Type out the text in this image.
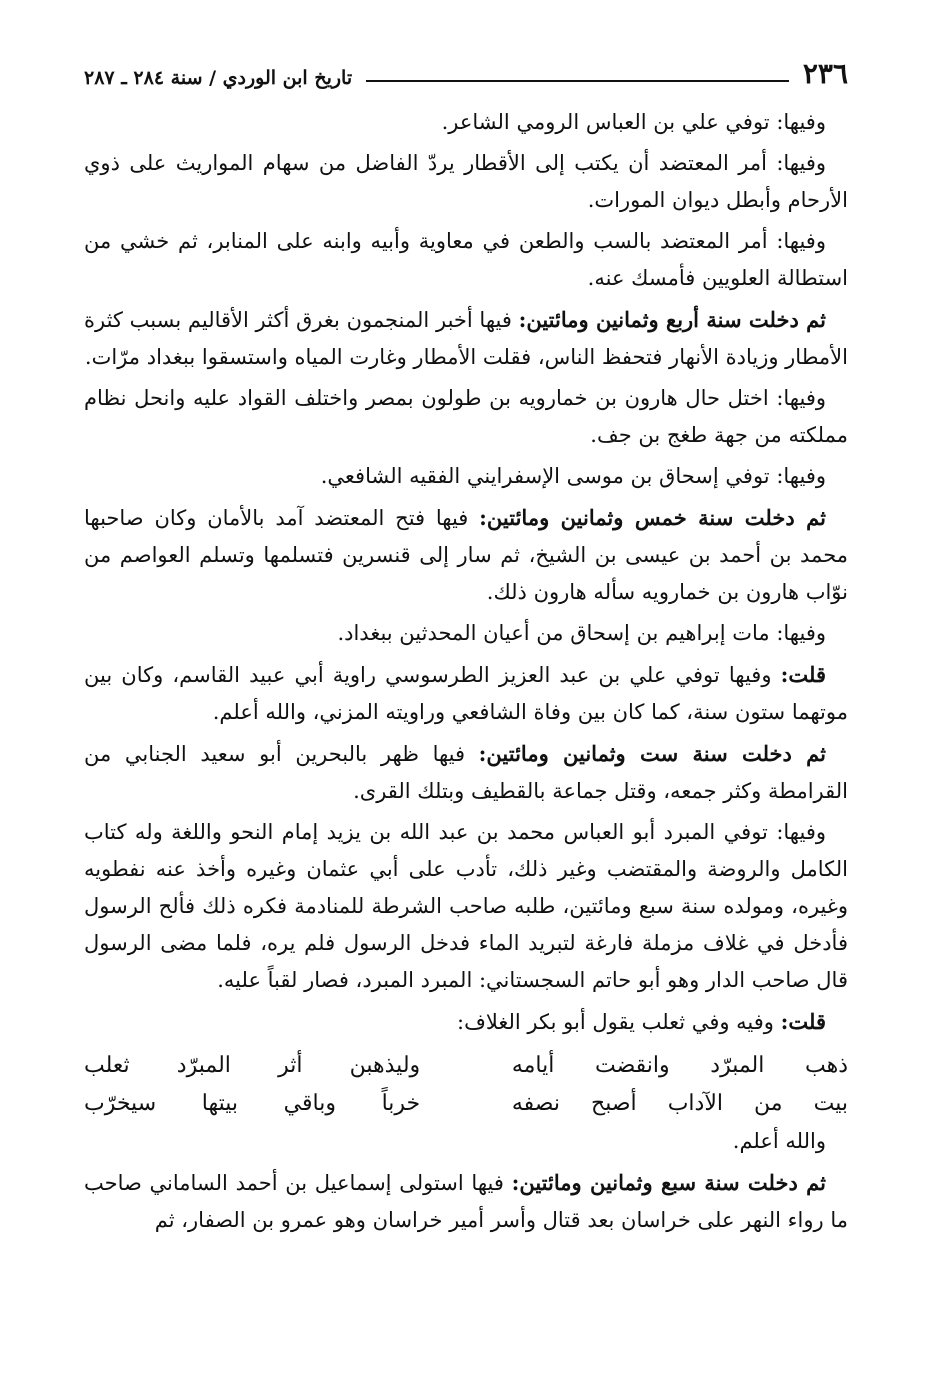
٢٣٦
تاريخ ابن الوردي / سنة ٢٨٤ ـ ٢٨٧

وفيها: توفي علي بن العباس الرومي الشاعر.

وفيها: أمر المعتضد أن يكتب إلى الأقطار يردّ الفاضل من سهام المواريث على ذوي الأرحام وأبطل ديوان المورات.

وفيها: أمر المعتضد بالسب والطعن في معاوية وأبيه وابنه على المنابر، ثم خشي من استطالة العلويين فأمسك عنه.

ثم دخلت سنة أربع وثمانين ومائتين: فيها أخبر المنجمون بغرق أكثر الأقاليم بسبب كثرة الأمطار وزيادة الأنهار فتحفظ الناس، فقلت الأمطار وغارت المياه واستسقوا ببغداد مرّات.

وفيها: اختل حال هارون بن خمارويه بن طولون بمصر واختلف القواد عليه وانحل نظام مملكته من جهة طغج بن جف.

وفيها: توفي إسحاق بن موسى الإسفرايني الفقيه الشافعي.

ثم دخلت سنة خمس وثمانين ومائتين: فيها فتح المعتضد آمد بالأمان وكان صاحبها محمد بن أحمد بن عيسى بن الشيخ، ثم سار إلى قنسرين فتسلمها وتسلم العواصم من نوّاب هارون بن خمارويه سأله هارون ذلك.

وفيها: مات إبراهيم بن إسحاق من أعيان المحدثين ببغداد.

قلت: وفيها توفي علي بن عبد العزيز الطرسوسي راوية أبي عبيد القاسم، وكان بين موتهما ستون سنة، كما كان بين وفاة الشافعي وراويته المزني، والله أعلم.

ثم دخلت سنة ست وثمانين ومائتين: فيها ظهر بالبحرين أبو سعيد الجنابي من القرامطة وكثر جمعه، وقتل جماعة بالقطيف وبتلك القرى.

وفيها: توفي المبرد أبو العباس محمد بن عبد الله بن يزيد إمام النحو واللغة وله كتاب الكامل والروضة والمقتضب وغير ذلك، تأدب على أبي عثمان وغيره وأخذ عنه نفطويه وغيره، ومولده سنة سبع ومائتين، طلبه صاحب الشرطة للمنادمة فكره ذلك فألح الرسول فأدخل في غلاف مزملة فارغة لتبريد الماء فدخل الرسول فلم يره، فلما مضى الرسول قال صاحب الدار وهو أبو حاتم السجستاني: المبرد المبرد، فصار لقباً عليه.

قلت: وفيه وفي ثعلب يقول أبو بكر الغلاف:

ذهب المبرّد وانقضت أيامه
وليذهبن أثر المبرّد ثعلب
بيت من الآداب أصبح نصفه
خرباً وباقي بيتها سيخرّب

والله أعلم.

ثم دخلت سنة سبع وثمانين ومائتين: فيها استولى إسماعيل بن أحمد الساماني صاحب ما رواء النهر على خراسان بعد قتال وأسر أمير خراسان وهو عمرو بن الصفار، ثم
